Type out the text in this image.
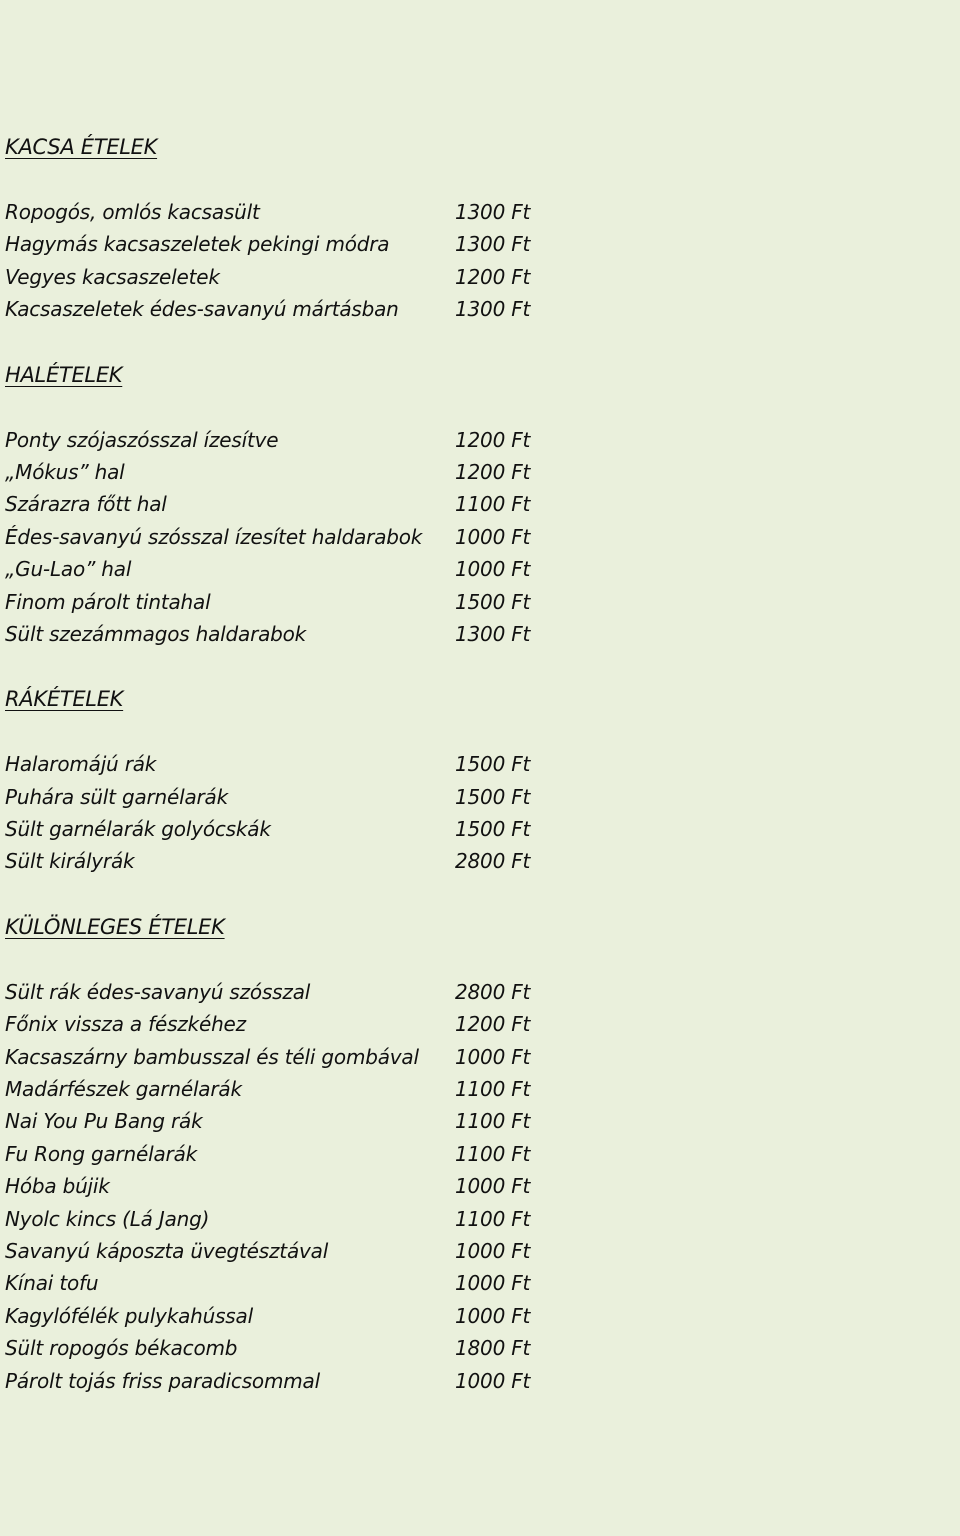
KACSA ÉTELEK
Ropogós, omlós kacsasült	1300 Ft
Hagymás kacsaszeletek pekingi módra	1300 Ft
Vegyes kacsaszeletek	1200 Ft
Kacsaszeletek édes-savanyú mártásban	1300 Ft
HALÉTELEK
Ponty szójaszósszal ízesítve	1200 Ft
„Mókus” hal	1200 Ft
Szárazra főtt hal	1100 Ft
Édes-savanyú szósszal ízesítet haldarabok	1000 Ft
„Gu-Lao” hal	1000 Ft
Finom párolt tintahal	1500 Ft
Sült szezámmagos haldarabok	1300 Ft
RÁKÉTELEK
Halaromájú rák	1500 Ft
Puhára sült garnélarák	1500 Ft
Sült garnélarák golyócskák	1500 Ft
Sült királyrák	2800 Ft
KÜLÖNLEGES ÉTELEK
Sült rák édes-savanyú szósszal	2800 Ft
Főnix vissza a fészkéhez	1200 Ft
Kacsaszárny bambusszal és téli gombával	1000 Ft
Madárfészek garnélarák	1100 Ft
Nai You Pu Bang rák	1100 Ft
Fu Rong garnélarák	1100 Ft
Hóba bújik	1000 Ft
Nyolc kincs (Lá Jang)	1100 Ft
Savanyú káposzta üvegtésztával	1000 Ft
Kínai tofu	1000 Ft
Kagylófélék pulykahússal	1000 Ft
Sült ropogós békacomb	1800 Ft
Párolt tojás friss paradicsommal	1000 Ft
